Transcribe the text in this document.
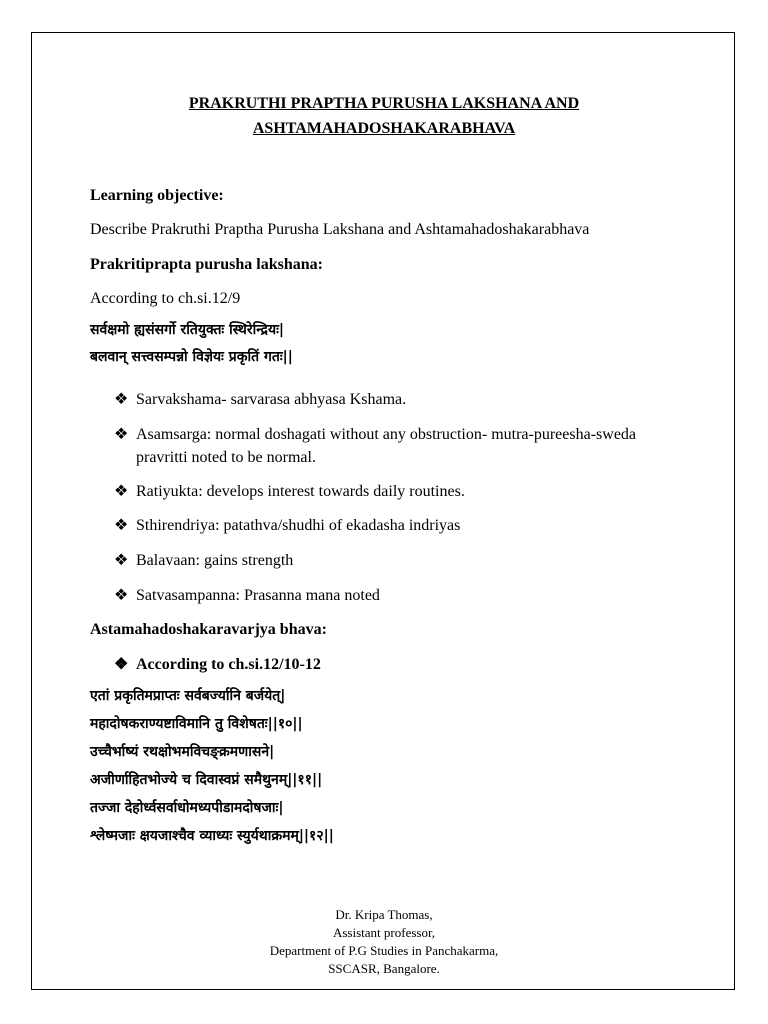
PRAKRUTHI PRAPTHA PURUSHA LAKSHANA AND
ASHTAMAHADOSHAKARABHAVA
Learning objective:
Describe Prakruthi Praptha Purusha Lakshana and Ashtamahadoshakarabhava
Prakritiprapta purusha lakshana:
According to ch.si.12/9
सर्वक्षमो ह्यसंसर्गो रतियुक्तः स्थिरेन्द्रियः|
बलवान् सत्त्वसम्पन्नो विज्ञेयः प्रकृतिं गतः||
❖ Sarvakshama- sarvarasa abhyasa Kshama.
❖ Asamsarga: normal doshagati without any obstruction- mutra-pureesha-sweda pravritti noted to be normal.
❖ Ratiyukta: develops interest towards daily routines.
❖ Sthirendriya: patathva/shudhi of ekadasha indriyas
❖ Balavaan: gains strength
❖ Satvasampanna: Prasanna mana noted
Astamahadoshakaravarjya bhava:
❖ According to ch.si.12/10-12
एतां प्रकृतिमप्राप्तः सर्वबर्ज्यानि बर्जयेत्|
महादोषकराण्यष्टाविमानि तु विशेषतः||१०||
उच्चैर्भाष्यं रथक्षोभमविचङ्क्रमणासने|
अजीर्णाहितभोज्ये च दिवास्वप्नं समैथुनम्||११||
तज्जा देहोर्ध्वसर्वाधोमध्यपीडामदोषजाः|
श्लेष्मजाः क्षयजाश्चैव व्याध्यः स्युर्यथाक्रमम्||१२||
Dr. Kripa Thomas,
Assistant professor,
Department of P.G Studies in Panchakarma,
SSCASR, Bangalore.
